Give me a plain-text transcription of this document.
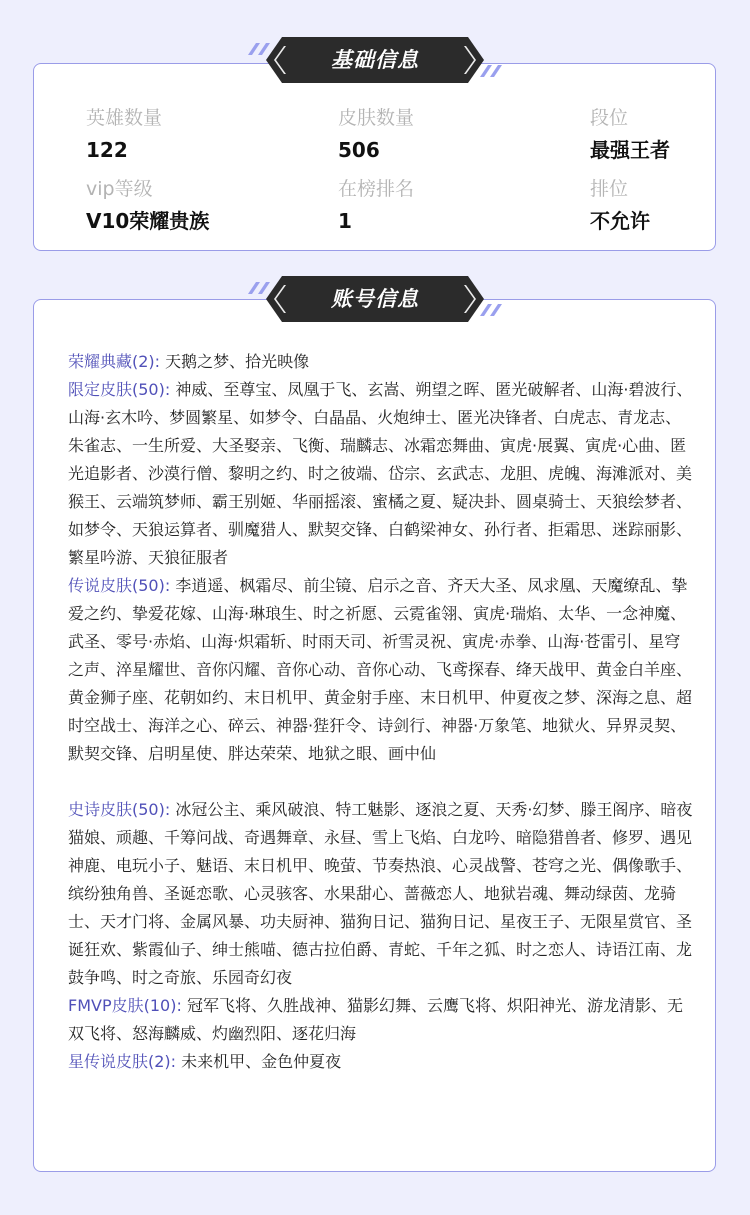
基础信息
英雄数量
122
皮肤数量
506
段位
最强王者
vip等级
V10荣耀贵族
在榜排名
1
排位
不允许
账号信息

荣耀典藏(2): 天鹅之梦、拾光映像

限定皮肤(50): 神威、至尊宝、凤凰于飞、玄嵩、朔望之晖、匿光破解者、山海·碧波行、山海·玄木吟、梦圆繁星、如梦令、白晶晶、火炮绅士、匿光决锋者、白虎志、青龙志、朱雀志、一生所爱、大圣娶亲、飞衡、瑞麟志、冰霜恋舞曲、寅虎·展翼、寅虎·心曲、匿光追影者、沙漠行僧、黎明之约、时之彼端、岱宗、玄武志、龙胆、虎魄、海滩派对、美猴王、云端筑梦师、霸王别姬、华丽摇滚、蜜橘之夏、疑决卦、圆桌骑士、天狼绘梦者、如梦令、天狼运算者、驯魔猎人、默契交锋、白鹤梁神女、孙行者、拒霜思、迷踪丽影、繁星吟游、天狼征服者

传说皮肤(50): 李逍遥、枫霜尽、前尘镜、启示之音、齐天大圣、凤求凰、天魔缭乱、挚爱之约、挚爱花嫁、山海·琳琅生、时之祈愿、云霓雀翎、寅虎·瑞焰、太华、一念神魔、武圣、零号·赤焰、山海·炽霜斩、时雨天司、祈雪灵祝、寅虎·赤拳、山海·苍雷引、星穹之声、淬星耀世、音你闪耀、音你心动、音你心动、飞鸢探春、绛天战甲、黄金白羊座、黄金狮子座、花朝如约、末日机甲、黄金射手座、末日机甲、仲夏夜之梦、深海之息、超时空战士、海洋之心、碎云、神器·狴犴令、诗剑行、神器·万象笔、地狱火、异界灵契、默契交锋、启明星使、胖达荣荣、地狱之眼、画中仙

史诗皮肤(50): 冰冠公主、乘风破浪、特工魅影、逐浪之夏、天秀·幻梦、滕王阁序、暗夜猫娘、顽趣、千筹问战、奇遇舞章、永昼、雪上飞焰、白龙吟、暗隐猎兽者、修罗、遇见神鹿、电玩小子、魅语、末日机甲、晚萤、节奏热浪、心灵战警、苍穹之光、偶像歌手、缤纷独角兽、圣诞恋歌、心灵骇客、水果甜心、蔷薇恋人、地狱岩魂、舞动绿茵、龙骑士、天才门将、金属风暴、功夫厨神、猫狗日记、猫狗日记、星夜王子、无限星赏官、圣诞狂欢、紫霞仙子、绅士熊喵、德古拉伯爵、青蛇、千年之狐、时之恋人、诗语江南、龙鼓争鸣、时之奇旅、乐园奇幻夜

FMVP皮肤(10): 冠军飞将、久胜战神、猫影幻舞、云鹰飞将、炽阳神光、游龙清影、无双飞将、怒海麟威、灼幽烈阳、逐花归海

星传说皮肤(2): 未来机甲、金色仲夏夜
